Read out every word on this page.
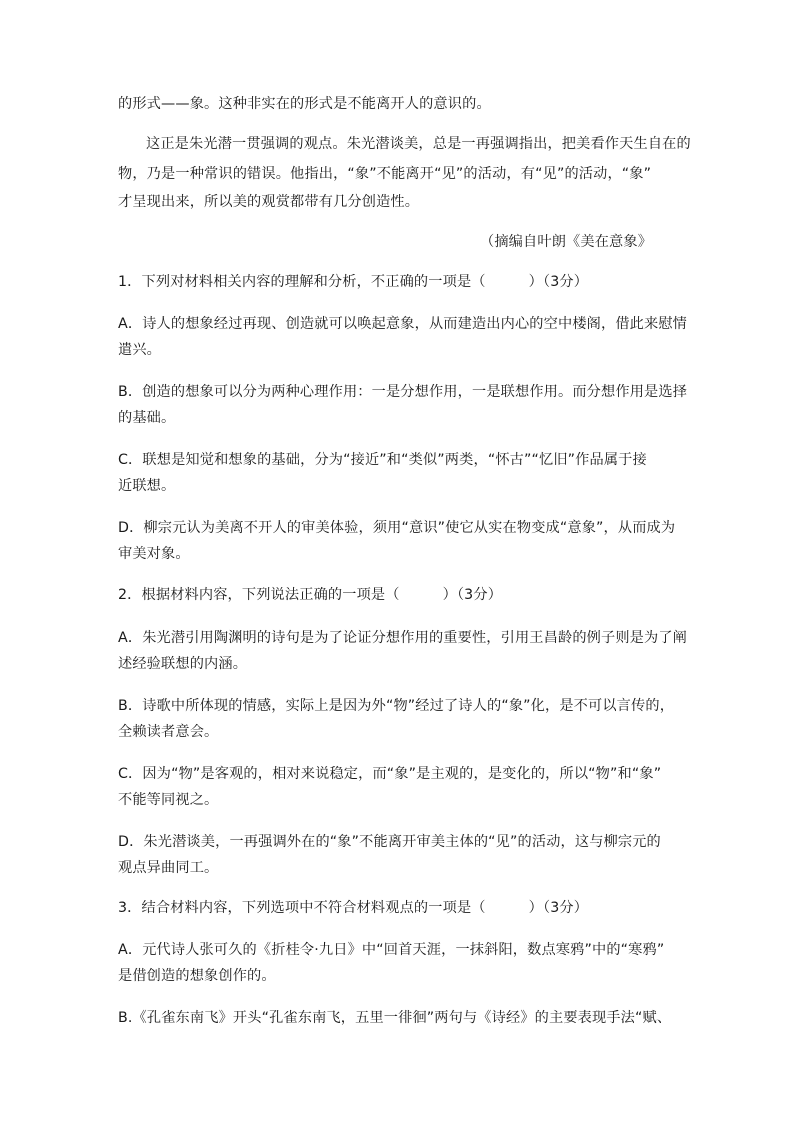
的形式——象。这种非实在的形式是不能离开人的意识的。
这正是朱光潜一贯强调的观点。朱光潜谈美，总是一再强调指出，把美看作天生自在的
物，乃是一种常识的错误。他指出，“象”不能离开“见”的活动，有“见”的活动，“象”
才呈现出来，所以美的观赏都带有几分创造性。
（摘编自叶朗《美在意象》
1．下列对材料相关内容的理解和分析，不正确的一项是（　　　）（3分）
A．诗人的想象经过再现、创造就可以唤起意象，从而建造出内心的空中楼阁，借此来慰情
遣兴。
B．创造的想象可以分为两种心理作用：一是分想作用，一是联想作用。而分想作用是选择
的基础。
C．联想是知觉和想象的基础，分为“接近”和“类似”两类，“怀古”“忆旧”作品属于接
近联想。
D．柳宗元认为美离不开人的审美体验，须用“意识”使它从实在物变成“意象”，从而成为
审美对象。
2．根据材料内容，下列说法正确的一项是（　　　）（3分）
A．朱光潜引用陶渊明的诗句是为了论证分想作用的重要性，引用王昌龄的例子则是为了阐
述经验联想的内涵。
B．诗歌中所体现的情感，实际上是因为外“物”经过了诗人的“象”化，是不可以言传的，
全赖读者意会。
C．因为“物”是客观的，相对来说稳定，而“象”是主观的，是变化的，所以“物”和“象”
不能等同视之。
D．朱光潜谈美，一再强调外在的“象”不能离开审美主体的“见”的活动，这与柳宗元的
观点异曲同工。
3．结合材料内容，下列选项中不符合材料观点的一项是（　　　）（3分）
A．元代诗人张可久的《折桂令·九日》中“回首天涯，一抹斜阳，数点寒鸦”中的“寒鸦”
是借创造的想象创作的。
B.《孔雀东南飞》开头“孔雀东南飞，五里一徘徊”两句与《诗经》的主要表现手法“赋、
